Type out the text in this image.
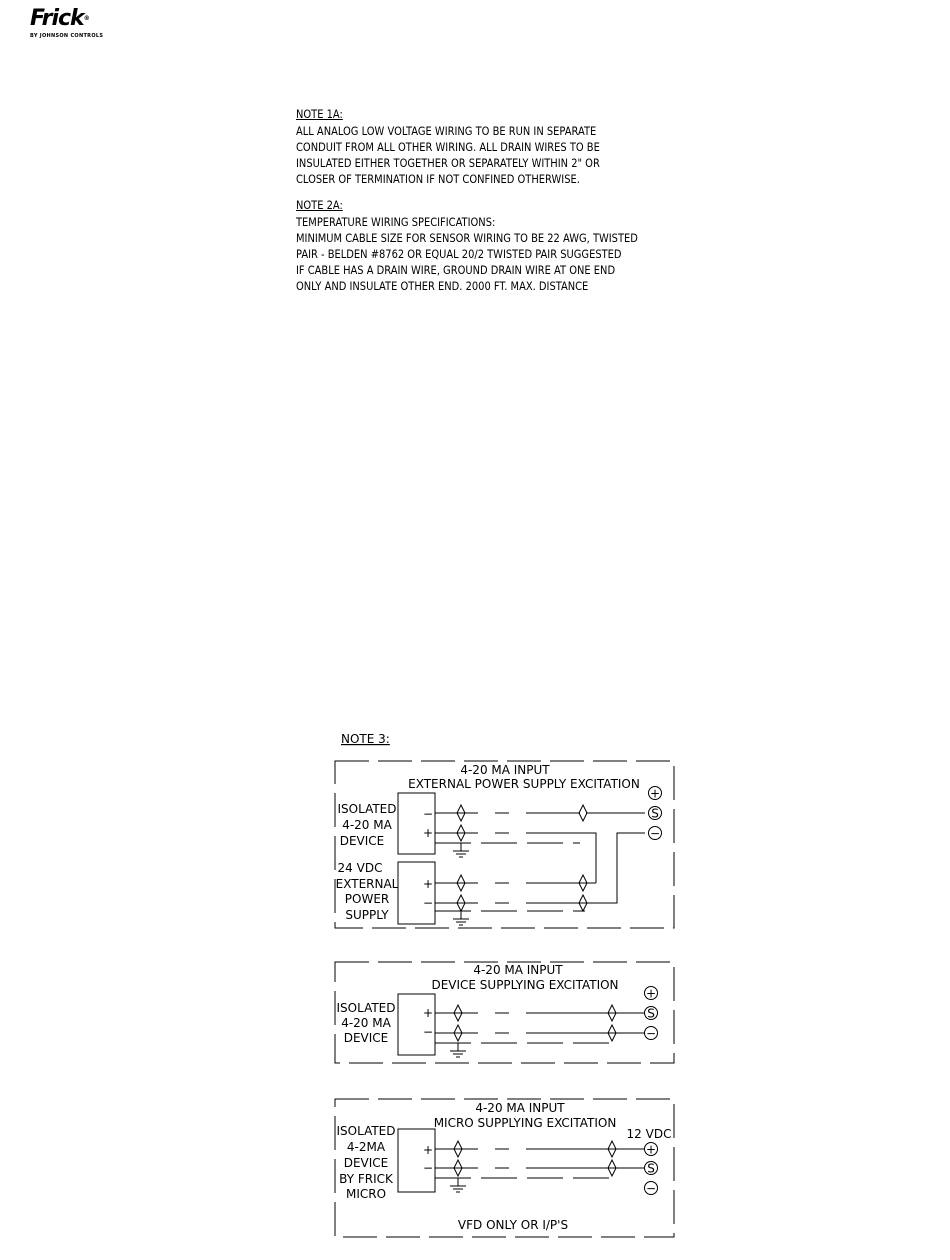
Frick®
BY JOHNSON CONTROLS
NOTE 1A:
ALL ANALOG LOW VOLTAGE WIRING TO BE RUN IN SEPARATE
CONDUIT FROM ALL OTHER WIRING. ALL DRAIN WIRES TO BE
INSULATED EITHER TOGETHER OR SEPARATELY WITHIN 2" OR
CLOSER OF TERMINATION IF NOT CONFINED OTHERWISE.
NOTE 2A:
TEMPERATURE WIRING SPECIFICATIONS:
MINIMUM CABLE SIZE FOR SENSOR WIRING TO BE 22 AWG, TWISTED
PAIR - BELDEN #8762 OR EQUAL 20/2 TWISTED PAIR SUGGESTED
IF CABLE HAS A DRAIN WIRE, GROUND DRAIN WIRE AT ONE END
ONLY AND INSULATE OTHER END. 2000 FT. MAX. DISTANCE
NOTE 3:
4-20 MA INPUT
EXTERNAL POWER SUPPLY EXCITATION
ISOLATED
4-20 MA
DEVICE
−
+
24 VDC
EXTERNAL
POWER
SUPPLY
+
−
+
S
−
4-20 MA INPUT
DEVICE SUPPLYING EXCITATION
ISOLATED
4-20 MA
DEVICE
+
−
+
S
−
4-20 MA INPUT
MICRO SUPPLYING EXCITATION
12 VDC
ISOLATED
4-2MA
DEVICE
BY FRICK
MICRO
+
−
+
S
−
VFD ONLY OR I/P'S
